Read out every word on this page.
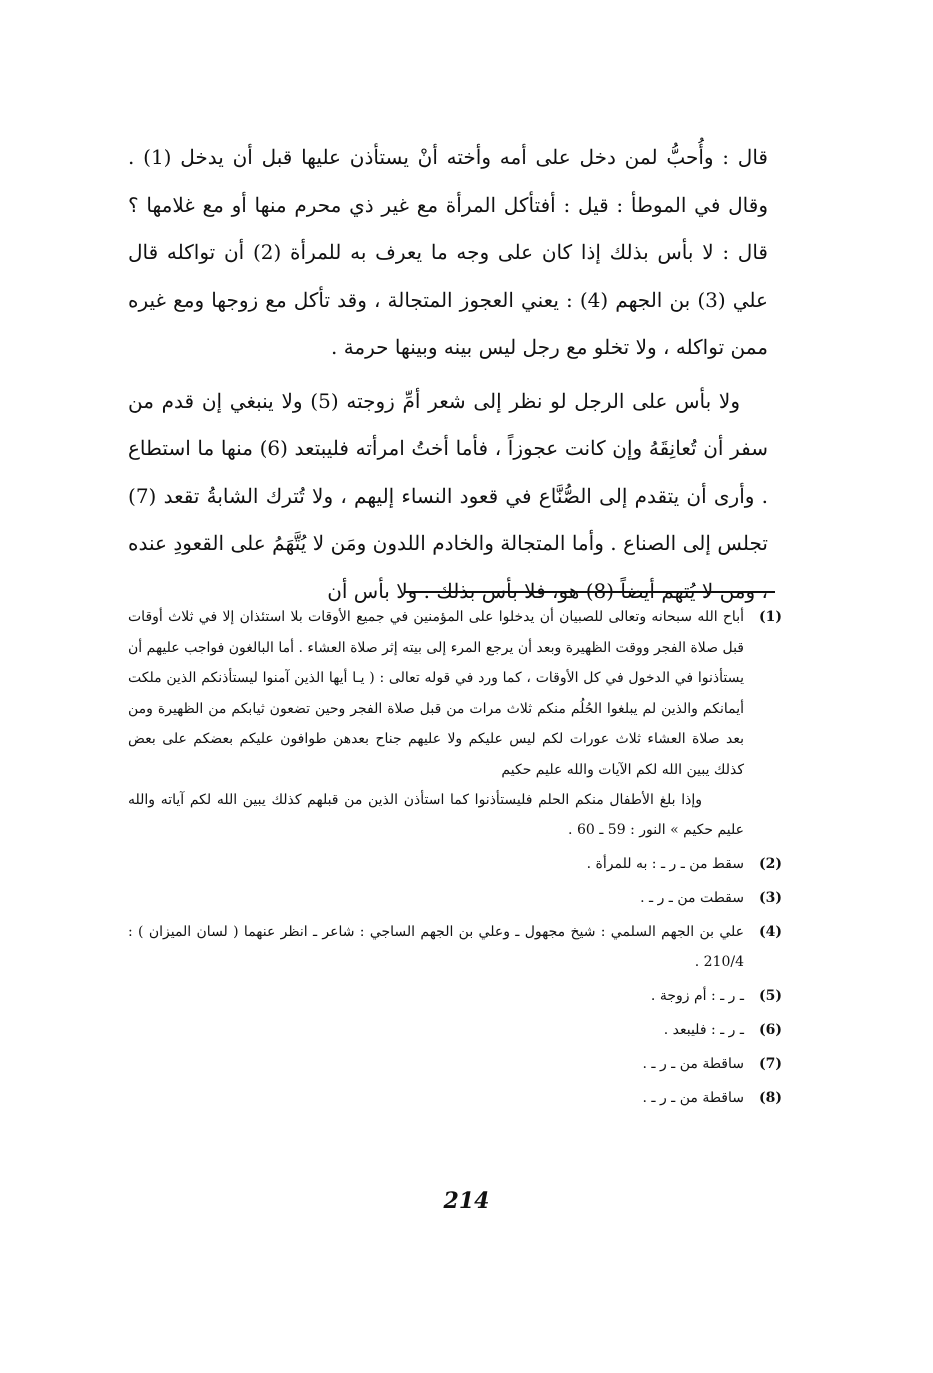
قال : وأُحبُّ لمن دخل على أمه وأخته أنْ يستأذن عليها قبل أن يدخل (1) . وقال في الموطأ : قيل : أفتأكل المرأة مع غير ذي محرم منها أو مع غلامها ؟ قال : لا بأس بذلك إذا كان على وجه ما يعرف به للمرأة (2) أن تواكله قال علي (3) بن الجهم (4) : يعني العجوز المتجالة ، وقد تأكل مع زوجها ومع غيره ممن تواكله ، ولا تخلو مع رجل ليس بينه وبينها حرمة .

ولا بأس على الرجل لو نظر إلى شعر أمِّ زوجته (5) ولا ينبغي إن قدم من سفر أن تُعانِقَهُ وإن كانت عجوزاً ، فأما أختُ امرأته فليبتعد (6) منها ما استطاع . وأرى أن يتقدم إلى الصُّنَّاع في قعود النساء إليهم ، ولا تُترك الشابةُ تقعد (7) تجلس إلى الصناع . وأما المتجالة والخادم اللدون ومَن لا يُتَّهَمُ على القعودِ عنده ، ومن لا يُتهم أيضاً (8) هو، فلا بأس بذلك . ولا بأس أن

(1)
أباح الله سبحانه وتعالى للصبيان أن يدخلوا على المؤمنين في جميع الأوقات بلا استئذان إلا في ثلاث أوقات قبل صلاة الفجر ووقت الظهيرة وبعد أن يرجع المرء إلى بيته إثر صلاة العشاء . أما البالغون فواجب عليهم أن يستأذنوا في الدخول في كل الأوقات ، كما ورد في قوله تعالى : ( يـا أيها الذين آمنوا ليستأذنكم الذين ملكت أيمانكم والذين لم يبلغوا الحُلُم منكم ثلاث مرات من قبل صلاة الفجر وحين تضعون ثيابكم من الظهيرة ومن بعد صلاة العشاء ثلاث عورات لكم ليس عليكم ولا عليهم جناح بعدهن طوافون عليكم بعضكم على بعض كذلك يبين الله لكم الآيات والله عليم حكيم
وإذا بلغ الأطفال منكم الحلم فليستأذنوا كما استأذن الذين من قبلهم كذلك يبين الله لكم آياته والله عليم حكيم » النور : 59 ـ 60 .
(2)
سقط من ـ ر ـ : به للمرأة .
(3)
سقطت من ـ ر ـ .
(4)
علي بن الجهم السلمي : شيخ مجهول ـ وعلي بن الجهم الساجي : شاعر ـ انظر عنهما ( لسان الميزان ) : 210/4 .
(5)
ـ ر ـ : أم زوجة .
(6)
ـ ر ـ : فليبعد .
(7)
ساقطة من ـ ر ـ .
(8)
ساقطة من ـ ر ـ .
214
